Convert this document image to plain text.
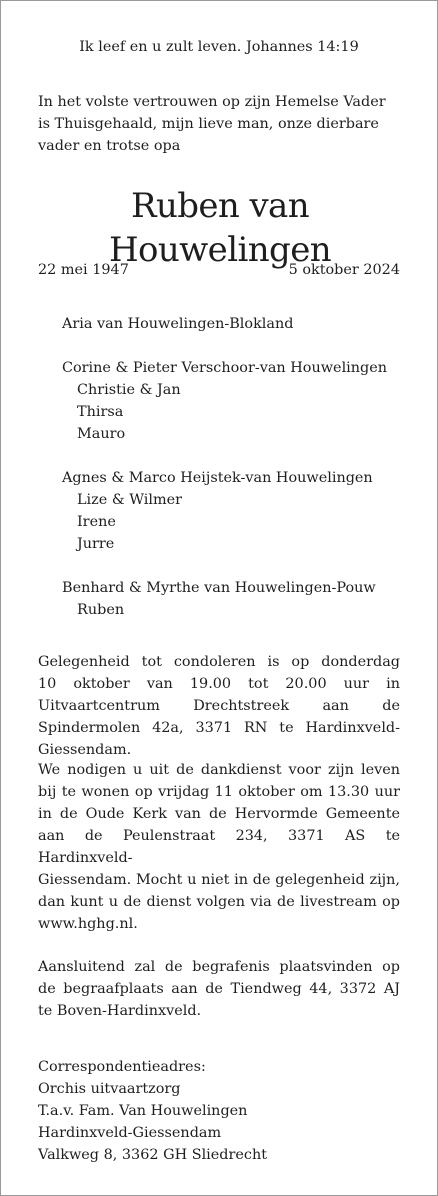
Ik leef en u zult leven. Johannes 14:19
In het volste vertrouwen op zijn Hemelse Vader
is Thuisgehaald, mijn lieve man, onze dierbare
vader en trotse opa
Ruben van Houwelingen
22 mei 1947	5 oktober 2024
Aria van Houwelingen-Blokland
Corine & Pieter Verschoor-van Houwelingen
Christie & Jan
Thirsa
Mauro
Agnes & Marco Heijstek-van Houwelingen
Lize & Wilmer
Irene
Jurre
Benhard & Myrthe van Houwelingen-Pouw
Ruben
Gelegenheid tot condoleren is op donderdag
10 oktober van 19.00 tot 20.00 uur in
Uitvaartcentrum Drechtstreek aan de
Spindermolen 42a, 3371 RN te Hardinxveld-
Giessendam.
We nodigen u uit de dankdienst voor zijn leven
bij te wonen op vrijdag 11 oktober om 13.30 uur
in de Oude Kerk van de Hervormde Gemeente
aan de Peulenstraat 234, 3371 AS te Hardinxveld-
Giessendam. Mocht u niet in de gelegenheid zijn,
dan kunt u de dienst volgen via de livestream op
www.hghg.nl.
Aansluitend zal de begrafenis plaatsvinden op
de begraafplaats aan de Tiendweg 44, 3372 AJ
te Boven-Hardinxveld.
Correspondentieadres:
Orchis uitvaartzorg
T.a.v. Fam. Van Houwelingen
Hardinxveld-Giessendam
Valkweg 8, 3362 GH Sliedrecht
